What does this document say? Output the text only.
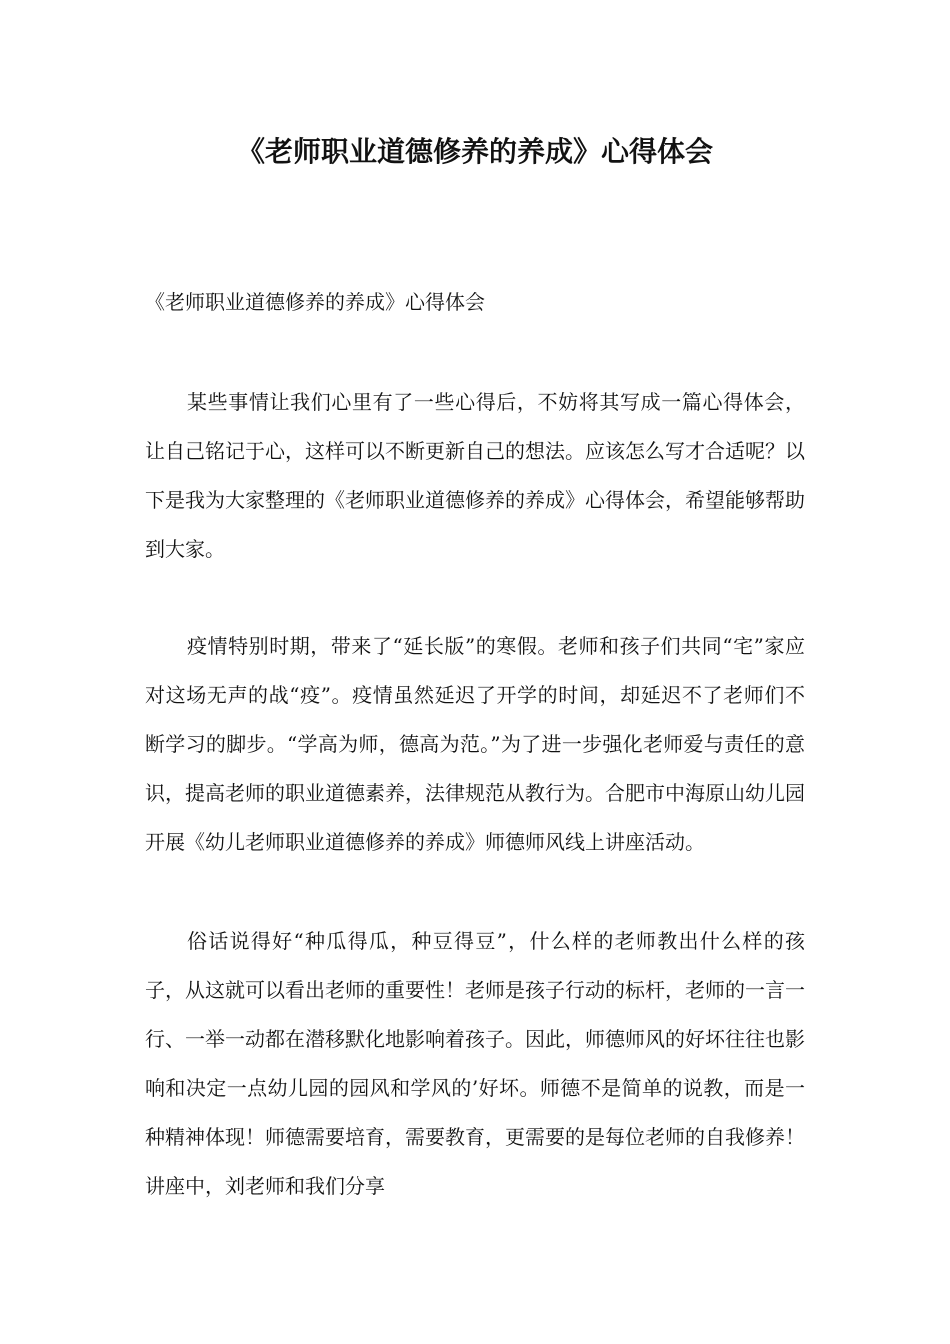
《老师职业道德修养的养成》心得体会

《老师职业道德修养的养成》心得体会

某些事情让我们心里有了一些心得后，不妨将其写成一篇心得体会，让自己铭记于心，这样可以不断更新自己的想法。应该怎么写才合适呢？以下是我为大家整理的《老师职业道德修养的养成》心得体会，希望能够帮助到大家。

疫情特别时期，带来了“延长版”的寒假。老师和孩子们共同“宅”家应对这场无声的战“疫”。疫情虽然延迟了开学的时间，却延迟不了老师们不断学习的脚步。“学高为师，德高为范。”为了进一步强化老师爱与责任的意识，提高老师的职业道德素养，法律规范从教行为。合肥市中海原山幼儿园开展《幼儿老师职业道德修养的养成》师德师风线上讲座活动。

俗话说得好“种瓜得瓜，种豆得豆”，什么样的老师教出什么样的孩子，从这就可以看出老师的重要性！老师是孩子行动的标杆，老师的一言一行、一举一动都在潜移默化地影响着孩子。因此，师德师风的好坏往往也影响和决定一点幼儿园的园风和学风的’好坏。师德不是简单的说教，而是一种精神体现！师德需要培育，需要教育，更需要的是每位老师的自我修养！讲座中，刘老师和我们分享
